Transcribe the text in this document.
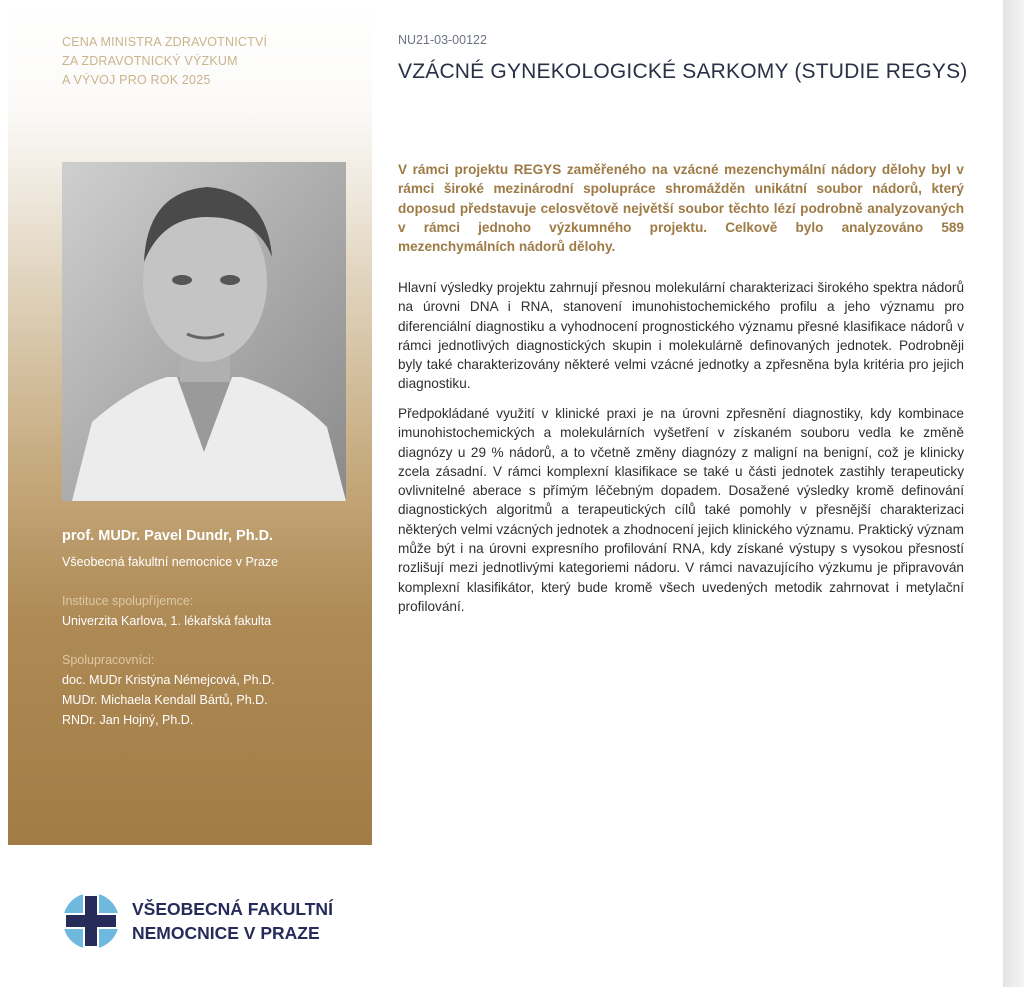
CENA MINISTRA ZDRAVOTNICTVÍ
ZA ZDRAVOTNICKÝ VÝZKUM
A VÝVOJ PRO ROK 2025
prof. MUDr. Pavel Dundr, Ph.D.
Všeobecná fakultní nemocnice v Praze
Instituce spolupříjemce:
Univerzita Karlova, 1. lékařská fakulta
Spolupracovníci:
doc. MUDr Kristýna Némejcová, Ph.D.
MUDr. Michaela Kendall Bártů, Ph.D.
RNDr. Jan Hojný, Ph.D.
NU21-03-00122
VZÁCNÉ GYNEKOLOGICKÉ SARKOMY (STUDIE REGYS)

V rámci projektu REGYS zaměřeného na vzácné mezenchymální nádory dělohy byl v rámci široké mezinárodní spolupráce shromážděn unikátní soubor nádorů, který doposud představuje celosvětově největší soubor těchto lézí podrobně analyzovaných v rámci jednoho výzkumného projektu. Celkově bylo analyzováno 589 mezenchymálních nádorů dělohy.

Hlavní výsledky projektu zahrnují přesnou molekulární charakterizaci širokého spektra nádorů na úrovni DNA i RNA, stanovení imunohistochemického profilu a jeho významu pro diferenciální diagnostiku a vyhodnocení prognostického významu přesné klasifikace nádorů v rámci jednotlivých diagnostických skupin i molekulárně definovaných jednotek. Podrobněji byly také charakterizovány některé velmi vzácné jednotky a zpřesněna byla kritéria pro jejich diagnostiku.

Předpokládané využití v klinické praxi je na úrovni zpřesnění diagnostiky, kdy kombinace imunohistochemických a molekulárních vyšetření v získaném souboru vedla ke změně diagnózy u 29 % nádorů, a to včetně změny diagnózy z maligní na benigní, což je klinicky zcela zásadní. V rámci komplexní klasifikace se také u části jednotek zastihly terapeuticky ovlivnitelné aberace s přímým léčebným dopadem. Dosažené výsledky kromě definování diagnostických algoritmů a terapeutických cílů také pomohly v přesnější charakterizaci některých velmi vzácných jednotek a zhodnocení jejich klinického významu. Praktický význam může být i na úrovni expresního profilování RNA, kdy získané výstupy s vysokou přesností rozlišují mezi jednotlivými kategoriemi nádoru. V rámci navazujícího výzkumu je připravován komplexní klasifikátor, který bude kromě všech uvedených metodik zahrnovat i metylační profilování.

VŠEOBECNÁ FAKULTNÍ
NEMOCNICE V PRAZE
